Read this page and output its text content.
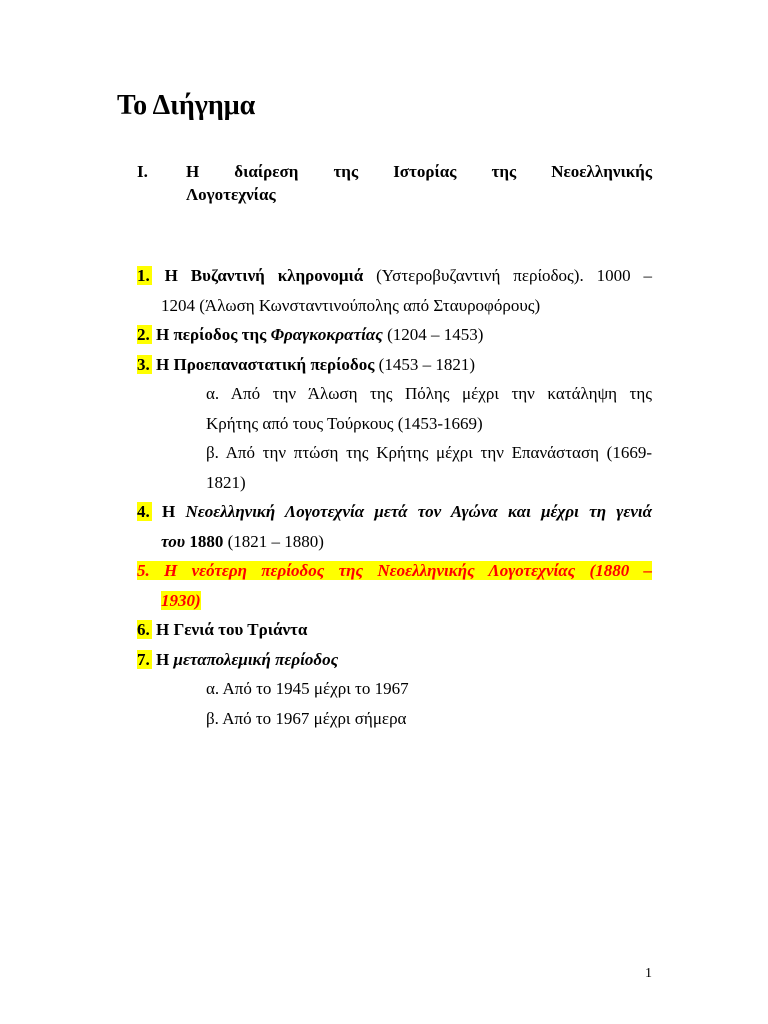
Το Διήγημα
I. Η διαίρεση της Ιστορίας της Νεοελληνικής
Λογοτεχνίας
1. Η Βυζαντινή κληρονομιά (Υστεροβυζαντινή περίοδος). 1000 –
1204 (Άλωση Κωνσταντινούπολης από Σταυροφόρους)
2. Η περίοδος της Φραγκοκρατίας (1204 – 1453)
3. Η Προεπαναστατική περίοδος (1453 – 1821)
α. Από την Άλωση της Πόλης μέχρι την κατάληψη της
Κρήτης από τους Τούρκους (1453-1669)
β. Από την πτώση της Κρήτης μέχρι την Επανάσταση (1669-
1821)
4. Η Νεοελληνική Λογοτεχνία μετά τον Αγώνα και μέχρι τη γενιά
του 1880 (1821 – 1880)
5. Η νεότερη περίοδος της Νεοελληνικής Λογοτεχνίας (1880 –
1930)
6. Η Γενιά του Τριάντα
7. Η μεταπολεμική περίοδος
α. Από το 1945 μέχρι το 1967
β. Από το 1967 μέχρι σήμερα
1
